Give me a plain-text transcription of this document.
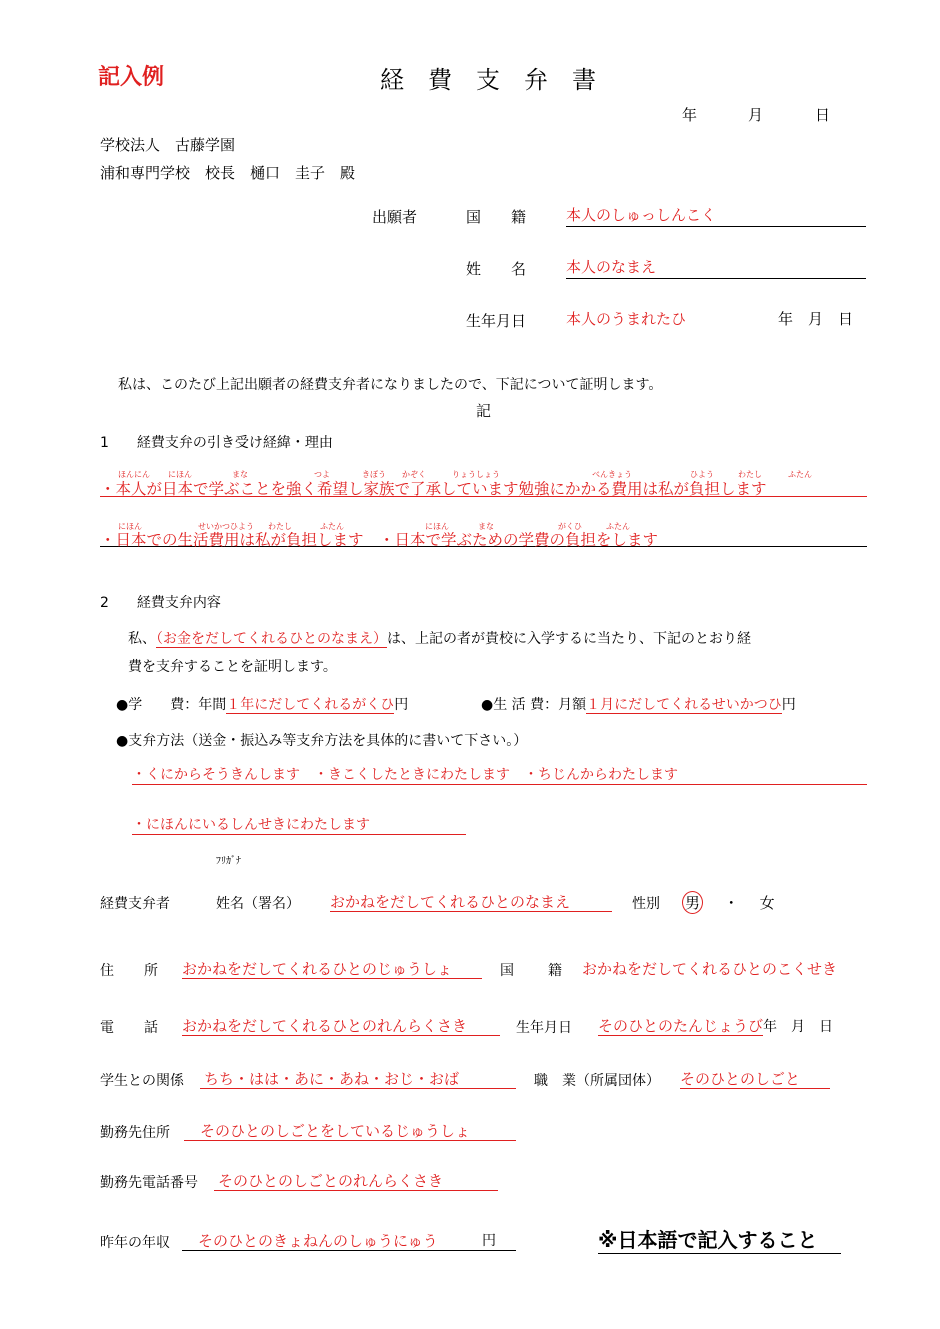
記入例	経　費　支　弁　書
年	月	日
学校法人　古藤学園
浦和専門学校　校長　樋口　圭子　殿
出願者	国　　籍	本人のしゅっしんこく
姓　　名	本人のなまえ
生年月日	本人のうまれたひ	年　月　日
私は、このたび上記出願者の経費支弁者になりましたので、下記について証明します。
記
1　　経費支弁の引き受け経緯・理由
ほんにん にほん	まな	つよ	きぼう かぞく	りょうしょう	べんきょう	ひよう	わたし	ふたん
・本人が日本で学ぶことを強く希望し家族で了承しています勉強にかかる費用は私が負担します
にほん	せいかつひよう わたし	ふたん	にほん	まな	がくひ	ふたん
・日本での生活費用は私が負担します　・日本で学ぶための学費の負担をします
2　　経費支弁内容
私、（お金をだしてくれるひとのなまえ）は、上記の者が貴校に入学するに当たり、下記のとおり経
費を支弁することを証明します。
●学　　費：年間１年にだしてくれるがくひ円	●生 活 費：月額１月にだしてくれるせいかつひ円
●支弁方法（送金・振込み等支弁方法を具体的に書いて下さい。）
・くにからそうきんします　・きこくしたときにわたします　・ちじんからわたします
・にほんにいるしんせきにわたします
ﾌﾘｶﾞﾅ
経費支弁者	姓名（署名） おかねをだしてくれるひとのなまえ	性別 男 ・ 女
住　所 おかねをだしてくれるひとのじゅうしょ	国　籍 おかねをだしてくれるひとのこくせき
電　話 おかねをだしてくれるひとのれんらくさき	生年月日 そのひとのたんじょうび年　月　日
学生との関係 ちち・はは・あに・あね・おじ・おば	職　業（所属団体） そのひとのしごと
勤務先住所	そのひとのしごとをしているじゅうしょ
勤務先電話番号 そのひとのしごとのれんらくさき
昨年の年収	そのひとのきょねんのしゅうにゅう	円	※日本語で記入すること
